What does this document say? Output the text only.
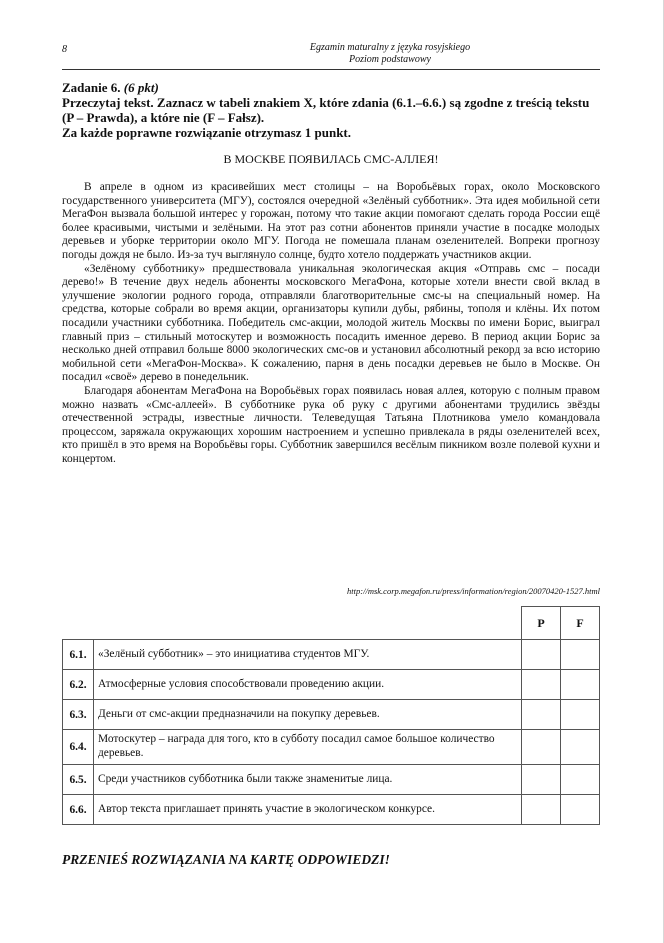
8	Egzamin maturalny z języka rosyjskiego
Poziom podstawowy

Zadanie 6. (6 pkt)

Przeczytaj tekst. Zaznacz w tabeli znakiem X, które zdania (6.1.–6.6.) są zgodne z treścią tekstu (P – Prawda), a które nie (F – Fałsz).

Za każde poprawne rozwiązanie otrzymasz 1 punkt.

В МОСКВЕ ПОЯВИЛАСЬ СМС-АЛЛЕЯ!

В апреле в одном из красивейших мест столицы – на Воробьёвых горах, около Московского государственного университета (МГУ), состоялся очередной «Зелёный субботник». Эта идея мобильной сети МегаФон вызвала большой интерес у горожан, потому что такие акции помогают сделать города России ещё более красивыми, чистыми и зелёными. На этот раз сотни абонентов приняли участие в посадке молодых деревьев и уборке территории около МГУ. Погода не помешала планам озеленителей. Вопреки прогнозу погоды дождя не было. Из-за туч выглянуло солнце, будто хотело поддержать участников акции.

«Зелёному субботнику» предшествовала уникальная экологическая акция «Отправь смс – посади дерево!» В течение двух недель абоненты московского МегаФона, которые хотели внести свой вклад в улучшение экологии родного города, отправляли благотворительные смс-ы на специальный номер. На средства, которые собрали во время акции, организаторы купили дубы, рябины, тополя и клёны. Их потом посадили участники субботника. Победитель смс-акции, молодой житель Москвы по имени Борис, выиграл главный приз – стильный мотоскутер и возможность посадить именное дерево. В период акции Борис за несколько дней отправил больше 8000 экологических смс-ов и установил абсолютный рекорд за всю историю мобильной сети «МегаФон-Москва». К сожалению, парня в день посадки деревьев не было в Москве. Он посадил «своё» дерево в понедельник.

Благодаря абонентам МегаФона на Воробьёвых горах появилась новая аллея, которую с полным правом можно назвать «Смс-аллеей». В субботнике рука об руку с другими абонентами трудились звёзды отечественной эстрады, известные личности. Телеведущая Татьяна Плотникова умело командовала процессом, заряжала окружающих хорошим настроением и успешно привлекала в ряды озеленителей всех, кто пришёл в это время на Воробьёвы горы. Субботник завершился весёлым пикником возле полевой кухни и концертом.

http://msk.corp.megafon.ru/press/information/region/20070420-1527.html
		P	F
6.1.	«Зелёный субботник» – это инициатива студентов МГУ.		
6.2.	Атмосферные условия способствовали проведению акции.		
6.3.	Деньги от смс-акции предназначили на покупку деревьев.		
6.4.	Мотоскутер – награда для того, кто в субботу посадил самое большое количество деревьев.		
6.5.	Среди участников субботника были также знаменитые лица.		
6.6.	Автор текста приглашает принять участие в экологическом конкурсе.		
PRZENIEŚ ROZWIĄZANIA NA KARTĘ ODPOWIEDZI!
